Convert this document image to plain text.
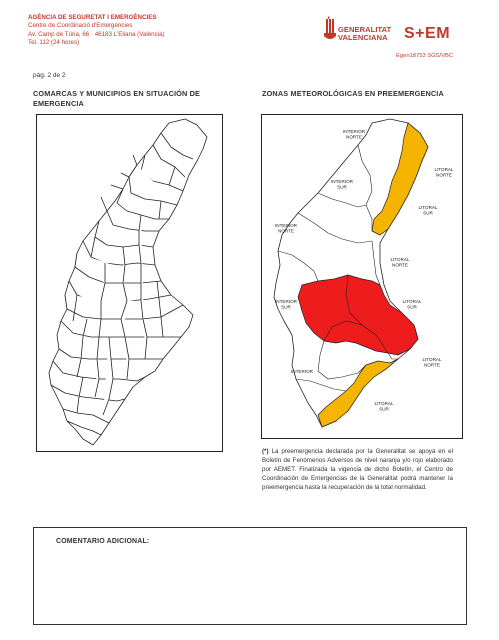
AGÈNCIA DE SEGURETAT I EMERGÈNCIES
Centre de Coordinació d'Emergències
Av. Camp de Túria, 66 · 46183 L'Eliana (València)
Tel. 112 (24 hores)
GENERALITAT
VALENCIANA S+EM
Egen18753 SGS/VBC
pág. 2 de 2
COMARCAS Y MUNICIPIOS EN SITUACIÓN DE EMERGENCIA
ZONAS METEOROLÓGICAS EN PREEMERGENCIA
INTERIOR NORTE
LITORAL NORTE
INTERIOR SUR
LITORAL SUR
INTERIOR NORTE
LITORAL NORTE
INTERIOR SUR
LITORAL SUR
LITORAL NORTE
INTERIOR
LITORAL SUR
(*) La preemergencia declarada por la Generalitat se apoya en el Boletín de Fenómenos Adversos de nivel naranja y/o rojo elaborado por AEMET. Finalizada la vigencia de dicho Boletín, el Centro de Coordinación de Emergencias de la Generalitat podrá mantener la preemergencia hasta la recuperación de la total normalidad.
COMENTARIO ADICIONAL:
